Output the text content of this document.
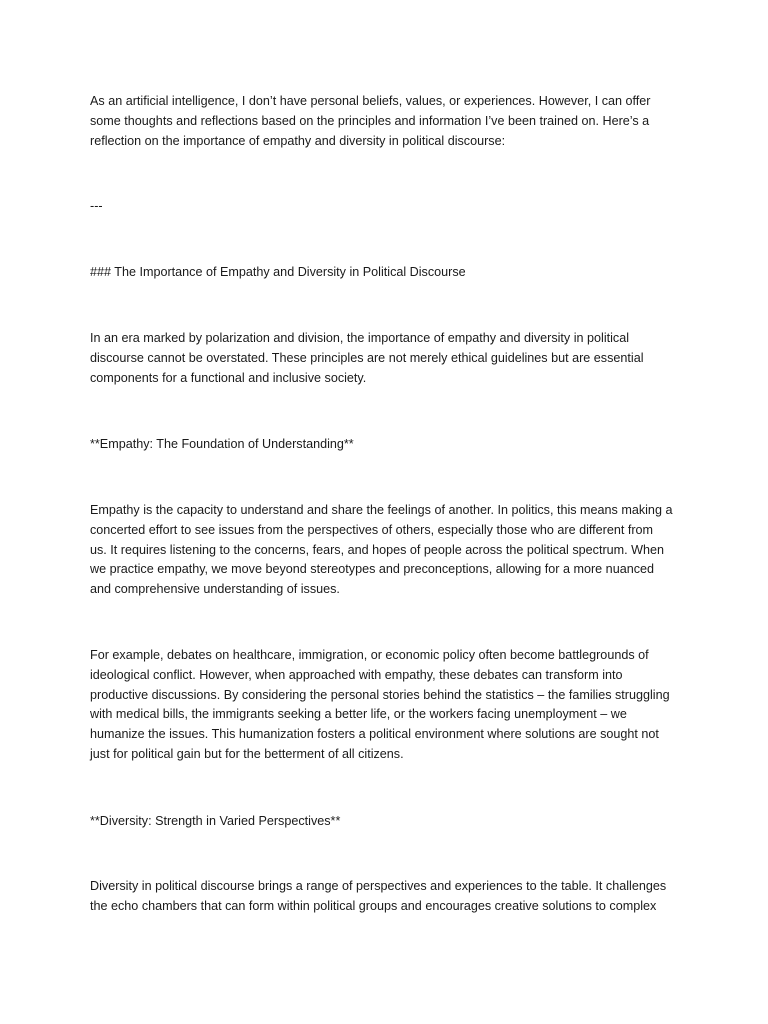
As an artificial intelligence, I don’t have personal beliefs, values, or experiences. However, I can offer
some thoughts and reflections based on the principles and information I’ve been trained on. Here’s a
reflection on the importance of empathy and diversity in political discourse:

---

### The Importance of Empathy and Diversity in Political Discourse

In an era marked by polarization and division, the importance of empathy and diversity in political
discourse cannot be overstated. These principles are not merely ethical guidelines but are essential
components for a functional and inclusive society.

**Empathy: The Foundation of Understanding**

Empathy is the capacity to understand and share the feelings of another. In politics, this means making a
concerted effort to see issues from the perspectives of others, especially those who are different from
us. It requires listening to the concerns, fears, and hopes of people across the political spectrum. When
we practice empathy, we move beyond stereotypes and preconceptions, allowing for a more nuanced
and comprehensive understanding of issues.

For example, debates on healthcare, immigration, or economic policy often become battlegrounds of
ideological conflict. However, when approached with empathy, these debates can transform into
productive discussions. By considering the personal stories behind the statistics – the families struggling
with medical bills, the immigrants seeking a better life, or the workers facing unemployment – we
humanize the issues. This humanization fosters a political environment where solutions are sought not
just for political gain but for the betterment of all citizens.

**Diversity: Strength in Varied Perspectives**

Diversity in political discourse brings a range of perspectives and experiences to the table. It challenges
the echo chambers that can form within political groups and encourages creative solutions to complex
